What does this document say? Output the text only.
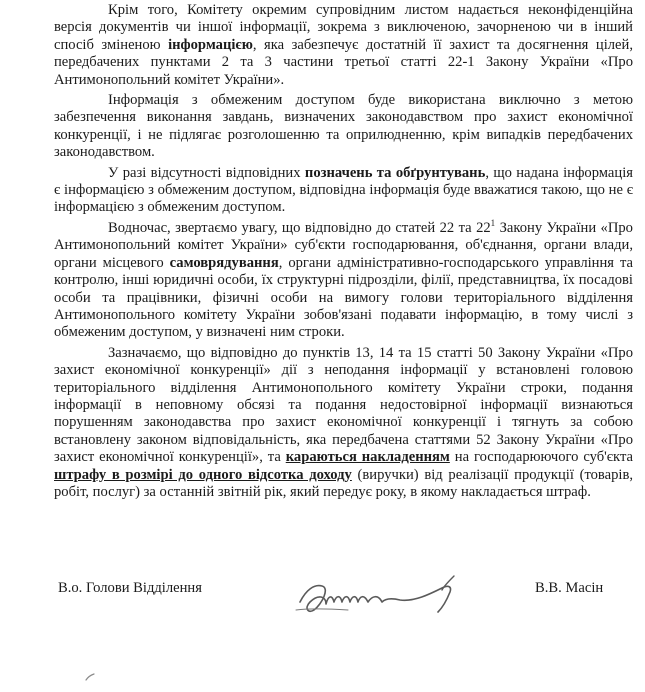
Крім того, Комітету окремим супровідним листом надається неконфіденційна версія документів чи іншої інформації, зокрема з виключеною, зачорненою чи в інший спосіб зміненою інформацією, яка забезпечує достатній її захист та досягнення цілей, передбачених пунктами 2 та 3 частини третьої статті 22-1 Закону України «Про Антимонопольний комітет України».

Інформація з обмеженим доступом буде використана виключно з метою забезпечення виконання завдань, визначених законодавством про захист економічної конкуренції, і не підлягає розголошенню та оприлюдненню, крім випадків передбачених законодавством.

У разі відсутності відповідних позначень та обґрунтувань, що надана інформація є інформацією з обмеженим доступом, відповідна інформація буде вважатися такою, що не є інформацією з обмеженим доступом.

Водночас, звертаємо увагу, що відповідно до статей 22 та $22^1$ Закону України «Про Антимонопольний комітет України» суб'єкти господарювання, об'єднання, органи влади, органи місцевого самоврядування, органи адміністративно-господарського управління та контролю, інші юридичні особи, їх структурні підрозділи, філії, представництва, їх посадові особи та працівники, фізичні особи на вимогу голови територіального відділення Антимонопольного комітету України зобов'язані подавати інформацію, в тому числі з обмеженим доступом, у визначені ним строки.

Зазначаємо, що відповідно до пунктів 13, 14 та 15 статті 50 Закону України «Про захист економічної конкуренції» дії з неподання інформації у встановлені головою територіального відділення Антимонопольного комітету України строки, подання інформації в неповному обсязі та подання недостовірної інформації визнаються порушенням законодавства про захист економічної конкуренції і тягнуть за собою встановлену законом відповідальність, яка передбачена статтями 52 Закону України «Про захист економічної конкуренції», та караються накладенням на господарюючого суб'єкта штрафу в розмірі до одного відсотка доходу (виручки) від реалізації продукції (товарів, робіт, послуг) за останній звітній рік, який передує року, в якому накладається штраф.

В.о. Голови Відділення	В.В. Масін
